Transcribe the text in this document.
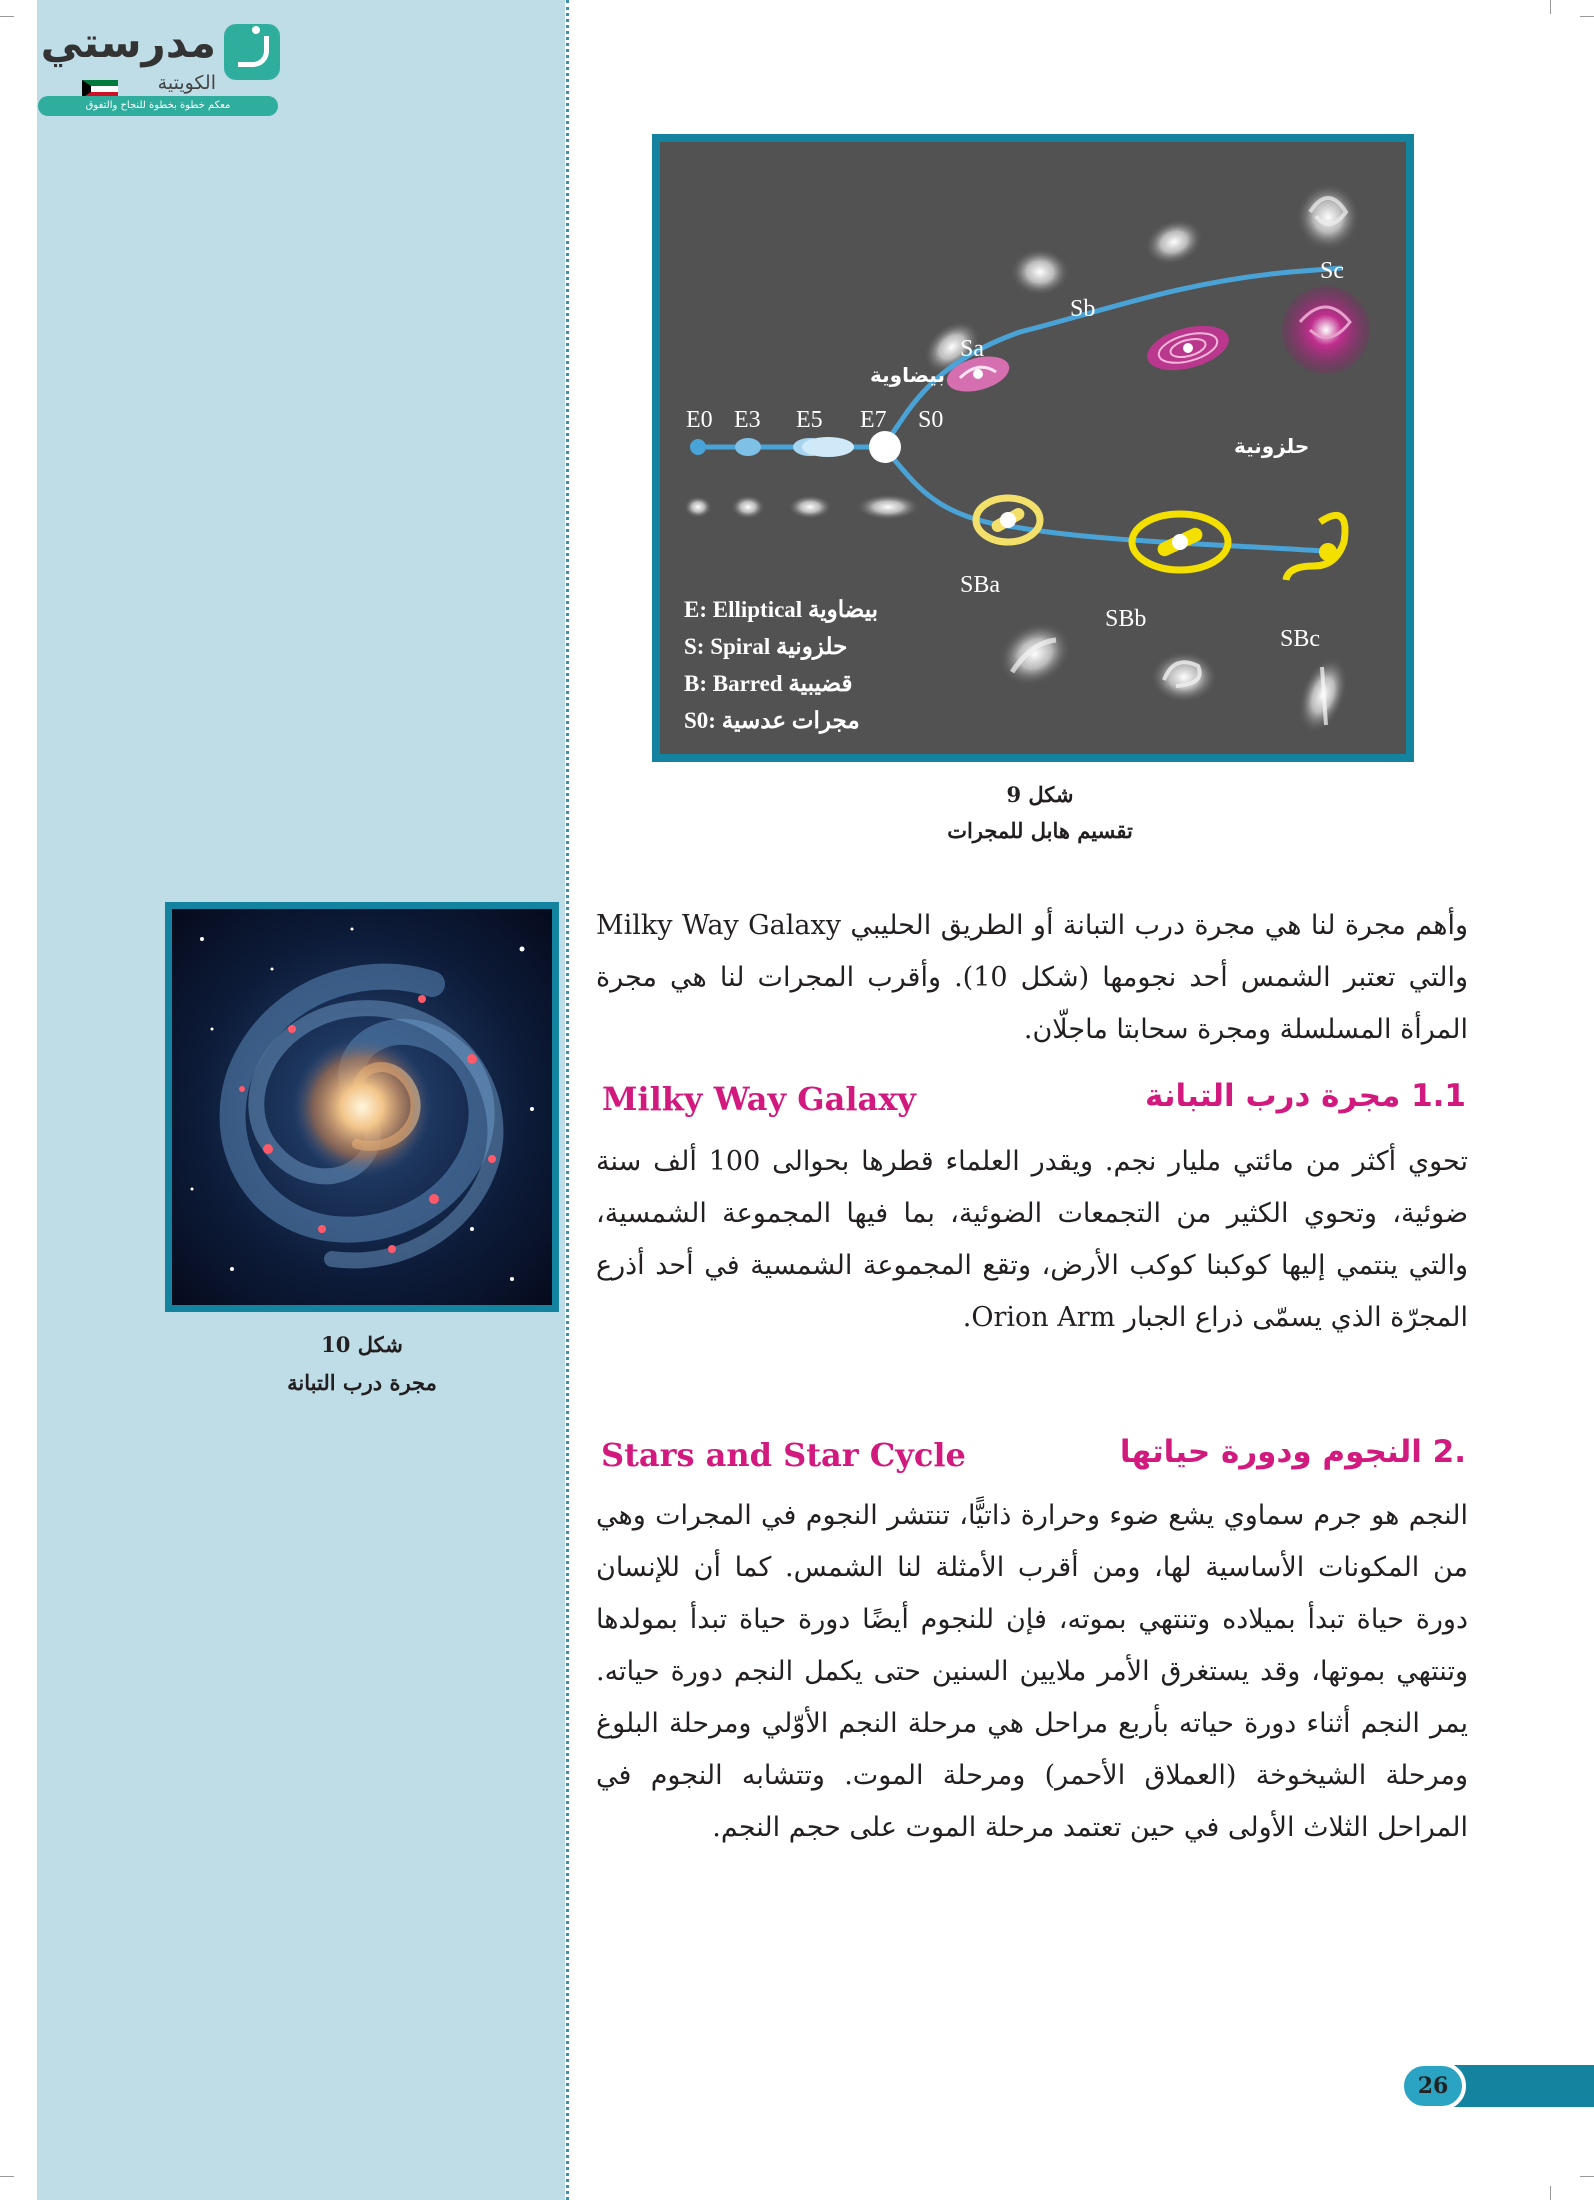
مدرستي
الكويتية
معكم خطوة بخطوة للنجاح والتفوق
E0 E3 E5 E7 S0
Sa
Sb
Sc
SBa
SBb
SBc
بيضاوية
حلزونية
E: Elliptical بيضاوية
S: Spiral حلزونية
B: Barred قضيبية
S0: مجرات عدسية
شكل 9
تقسيم هابل للمجرات
شكل 10
مجرة درب التبانة
وأهم مجرة لنا هي مجرة درب التبانة أو الطريق الحليبي Milky Way Galaxy والتي تعتبر الشمس أحد نجومها (شكل 10). وأقرب المجرات لنا هي مجرة المرأة المسلسلة ومجرة سحابتا ماجلّان.
1.1 مجرة درب التبانة
Milky Way Galaxy
تحوي أكثر من مائتي مليار نجم. ويقدر العلماء قطرها بحوالى 100 ألف سنة ضوئية، وتحوي الكثير من التجمعات الضوئية، بما فيها المجموعة الشمسية، والتي ينتمي إليها كوكبنا كوكب الأرض، وتقع المجموعة الشمسية في أحد أذرع المجرّة الذي يسمّى ذراع الجبار Orion Arm.
.2 النجوم ودورة حياتها
Stars and Star Cycle
النجم هو جرم سماوي يشع ضوء وحرارة ذاتيًّا، تنتشر النجوم في المجرات وهي من المكونات الأساسية لها، ومن أقرب الأمثلة لنا الشمس. كما أن للإنسان دورة حياة تبدأ بميلاده وتنتهي بموته، فإن للنجوم أيضًا دورة حياة تبدأ بمولدها وتنتهي بموتها، وقد يستغرق الأمر ملايين السنين حتى يكمل النجم دورة حياته. يمر النجم أثناء دورة حياته بأربع مراحل هي مرحلة النجم الأوّلي ومرحلة البلوغ ومرحلة الشيخوخة (العملاق الأحمر) ومرحلة الموت. وتتشابه النجوم في المراحل الثلاث الأولى في حين تعتمد مرحلة الموت على حجم النجم.
26
